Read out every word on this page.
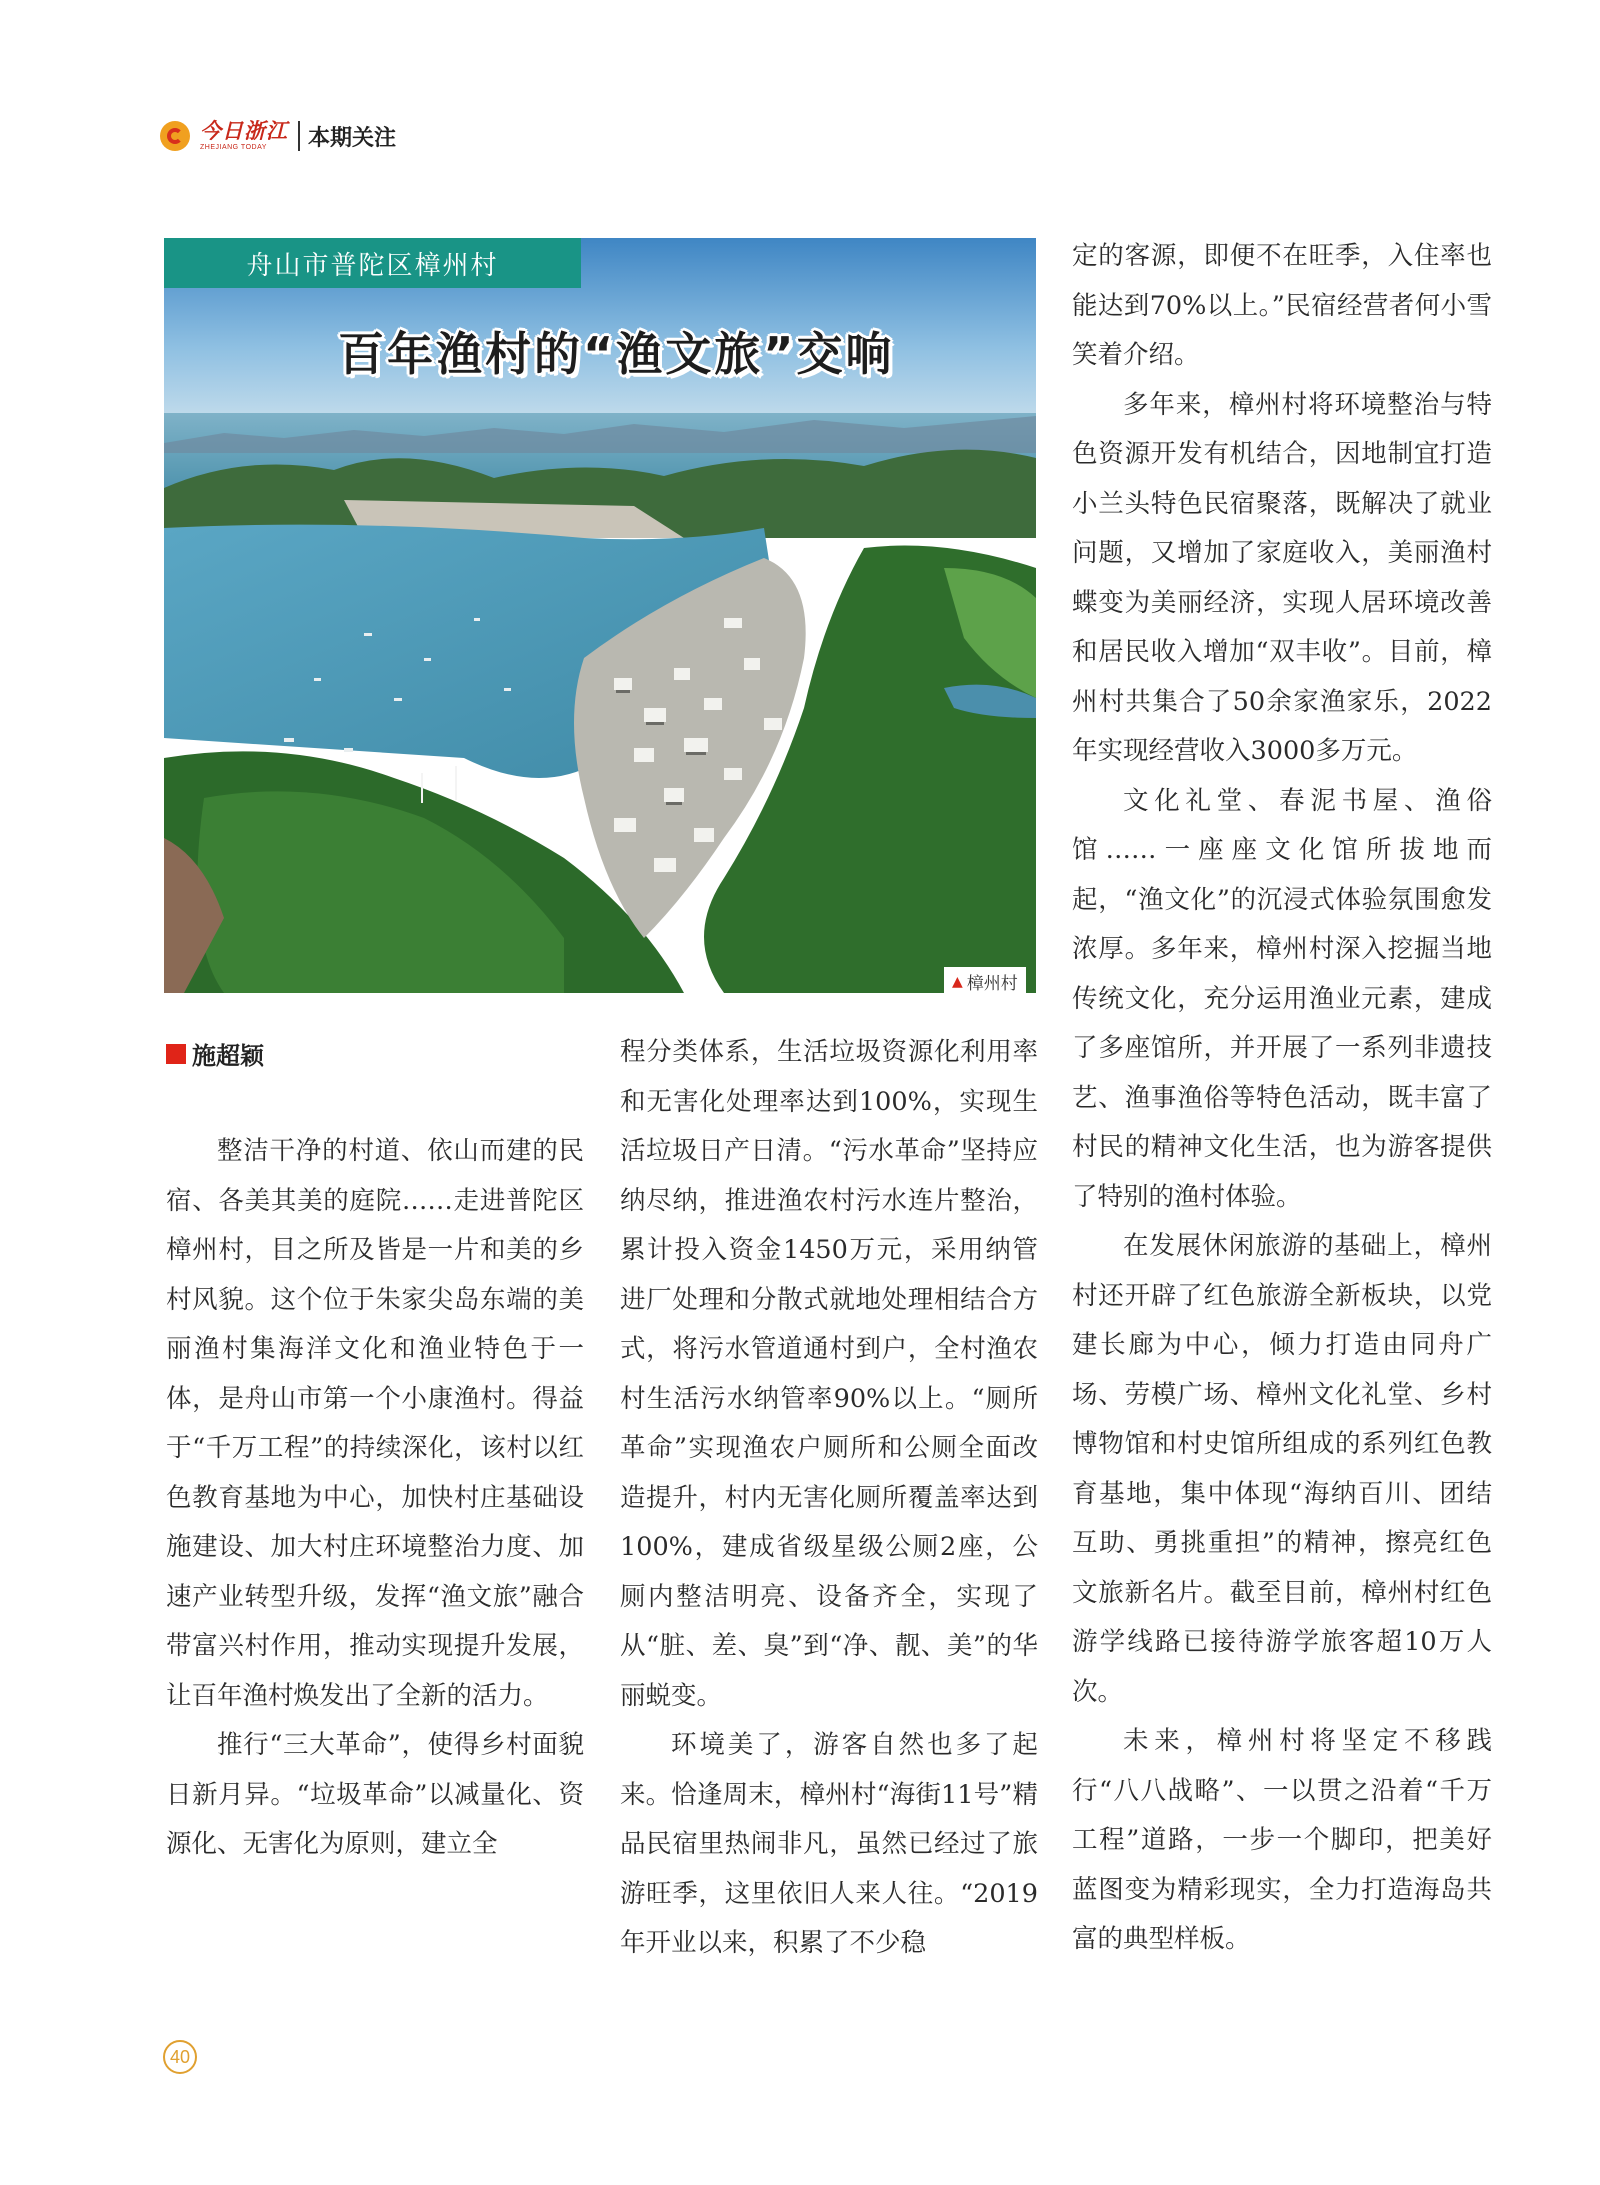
今日浙江
ZHEJIANG TODAY	本期关注
舟山市普陀区樟州村
百年渔村的“渔文旅”交响
▲ 樟州村
施超颖

整洁干净的村道、依山而建的民宿、各美其美的庭院……走进普陀区樟州村，目之所及皆是一片和美的乡村风貌。这个位于朱家尖岛东端的美丽渔村集海洋文化和渔业特色于一体，是舟山市第一个小康渔村。得益于“千万工程”的持续深化，该村以红色教育基地为中心，加快村庄基础设施建设、加大村庄环境整治力度、加速产业转型升级，发挥“渔文旅”融合带富兴村作用，推动实现提升发展，让百年渔村焕发出了全新的活力。

推行“三大革命”，使得乡村面貌日新月异。“垃圾革命”以减量化、资源化、无害化为原则，建立全

程分类体系，生活垃圾资源化利用率和无害化处理率达到100%，实现生活垃圾日产日清。“污水革命”坚持应纳尽纳，推进渔农村污水连片整治，累计投入资金1450万元，采用纳管进厂处理和分散式就地处理相结合方式，将污水管道通村到户，全村渔农村生活污水纳管率90%以上。“厕所革命”实现渔农户厕所和公厕全面改造提升，村内无害化厕所覆盖率达到100%，建成省级星级公厕2座，公厕内整洁明亮、设备齐全，实现了从“脏、差、臭”到“净、靓、美”的华丽蜕变。

环境美了，游客自然也多了起来。恰逢周末，樟州村“海街11号”精品民宿里热闹非凡，虽然已经过了旅游旺季，这里依旧人来人往。“2019年开业以来，积累了不少稳

定的客源，即便不在旺季，入住率也能达到70%以上。”民宿经营者何小雪笑着介绍。

多年来，樟州村将环境整治与特色资源开发有机结合，因地制宜打造小兰头特色民宿聚落，既解决了就业问题，又增加了家庭收入，美丽渔村蝶变为美丽经济，实现人居环境改善和居民收入增加“双丰收”。目前，樟州村共集合了50余家渔家乐，2022年实现经营收入3000多万元。

文化礼堂、春泥书屋、渔俗馆……一座座文化馆所拔地而起，“渔文化”的沉浸式体验氛围愈发浓厚。多年来，樟州村深入挖掘当地传统文化，充分运用渔业元素，建成了多座馆所，并开展了一系列非遗技艺、渔事渔俗等特色活动，既丰富了村民的精神文化生活，也为游客提供了特别的渔村体验。

在发展休闲旅游的基础上，樟州村还开辟了红色旅游全新板块，以党建长廊为中心，倾力打造由同舟广场、劳模广场、樟州文化礼堂、乡村博物馆和村史馆所组成的系列红色教育基地，集中体现“海纳百川、团结互助、勇挑重担”的精神，擦亮红色文旅新名片。截至目前，樟州村红色游学线路已接待游学旅客超10万人次。

未来，樟州村将坚定不移践行“八八战略”、一以贯之沿着“千万工程”道路，一步一个脚印，把美好蓝图变为精彩现实，全力打造海岛共富的典型样板。

40
